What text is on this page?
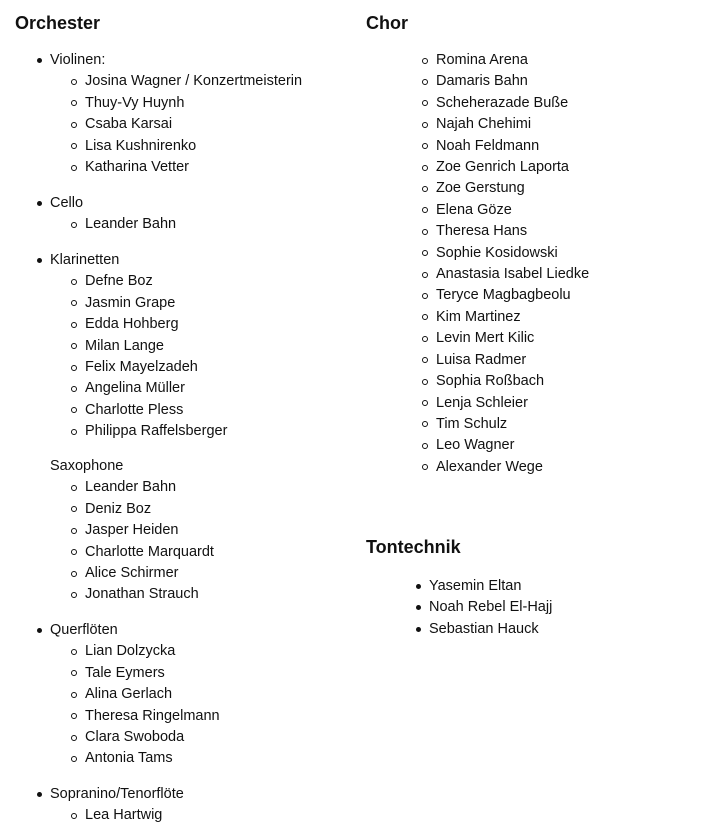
Orchester
Violinen:
Josina Wagner / Konzertmeisterin
Thuy-Vy Huynh
Csaba Karsai
Lisa Kushnirenko
Katharina Vetter
Cello
Leander Bahn
Klarinetten
Defne Boz
Jasmin Grape
Edda Hohberg
Milan Lange
Felix Mayelzadeh
Angelina Müller
Charlotte Pless
Philippa Raffelsberger
Saxophone
Leander Bahn
Deniz Boz
Jasper Heiden
Charlotte Marquardt
Alice Schirmer
Jonathan Strauch
Querflöten
Lian Dolzycka
Tale Eymers
Alina Gerlach
Theresa Ringelmann
Clara Swoboda
Antonia Tams
Sopranino/Tenorflöte
Lea Hartwig
Chor
Romina Arena
Damaris Bahn
Scheherazade Buße
Najah Chehimi
Noah Feldmann
Zoe Genrich Laporta
Zoe Gerstung
Elena Göze
Theresa Hans
Sophie Kosidowski
Anastasia Isabel Liedke
Teryce Magbagbeolu
Kim Martinez
Levin Mert Kilic
Luisa Radmer
Sophia Roßbach
Lenja Schleier
Tim Schulz
Leo Wagner
Alexander Wege
Tontechnik
Yasemin Eltan
Noah Rebel El-Hajj
Sebastian Hauck
